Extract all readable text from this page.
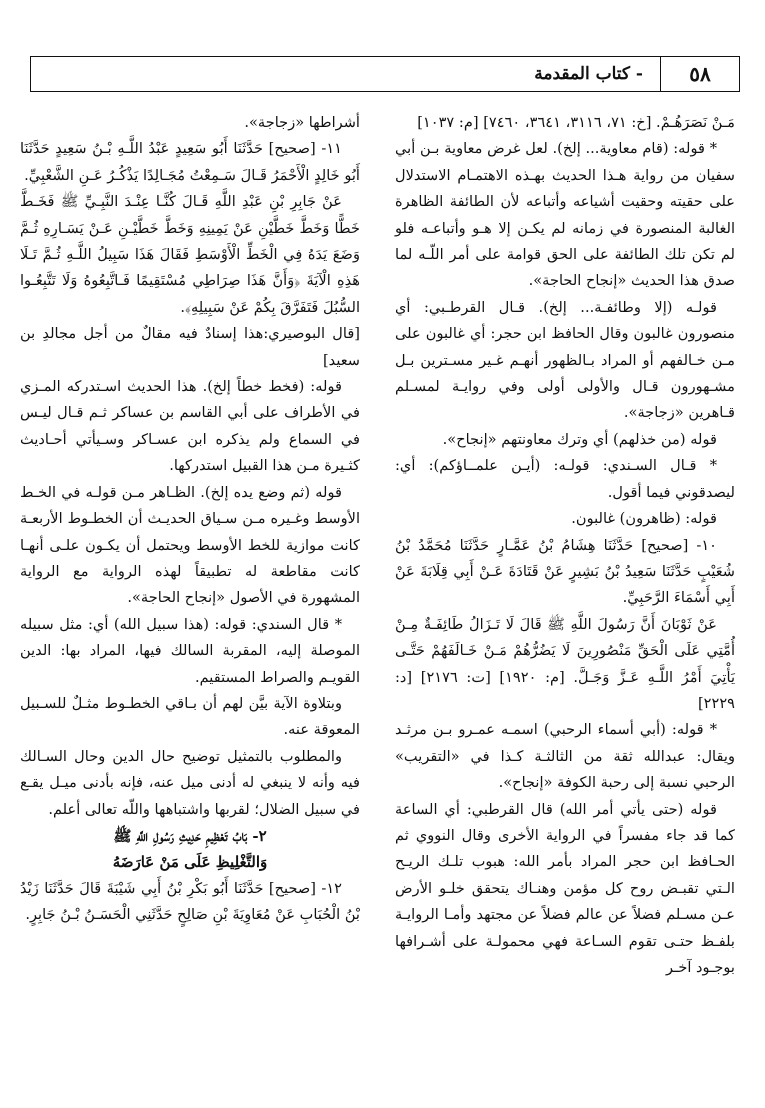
٥٨
- كتاب المقدمة

مَـنْ نَصَرَهُـمْ. [خ: ٧١، ٣١١٦، ٣٦٤١، ٧٤٦٠] [م: ١٠٣٧]

* قوله: (قام معاوية... إلخ). لعل غرض معاوية بـن أبي سفيان من رواية هـذا الحديث بهـذه الاهتمـام الاستدلال على حقيته وحقيت أشياعه وأتباعه لأن الطائفة الظاهرة الغالبة المنصورة في زمانه لم يكـن إلا هـو وأتباعـه فلو لم تكن تلك الطائفة على الحق قوامة على أمر اللّـه لما صدق هذا الحديث «إنجاح الحاجة».

قولـه (إلا وطائفـة... إلخ). قـال القرطـبي: أي منصورون غالبون وقال الحافظ ابن حجر: أي غالبون على مـن خـالفهم أو المراد بـالظهور أنهـم غـير مسـترين بـل مشـهورون قـال والأولى أولى وفي روايـة لمسـلم قـاهرين «زجاجة».

قوله (من خذلهم) أي وترك معاونتهم «إنجاح».

* قـال السـندي: قولـه: (أيـن علمــاؤكم): أي: ليصدقوني فيما أقول.

قوله: (ظاهرون) غالبون.

١٠- [صحيح] حَدَّثَنَا هِشَامُ بْنُ عَمَّـارٍ حَدَّثَنَا مُحَمَّدُ بْنُ شُعَيْبٍ حَدَّثَنَا سَعِيدُ بْنُ بَشِيرٍ عَنْ قَتَادَةَ عَـنْ أَبِي قِلَابَةَ عَنْ أَبِي أَسْمَاءَ الرَّحَبِيِّ.

عَنْ ثَوْبَانَ أَنَّ رَسُولَ اللَّهِ ﷺ قَالَ لَا تَـزَالُ طَائِفَـةٌ مِـنْ أُمَّتِي عَلَى الْحَقِّ مَنْصُورِينَ لَا يَضُرُّهُمْ مَـنْ خَـالَفَهُمْ حَتَّـى يَأْتِيَ أَمْرُ اللَّـهِ عَـزَّ وَجَـلَّ. [م: ١٩٢٠] [ت: ٢١٧٦] [د: ٢٢٢٩]

* قوله: (أبي أسماء الرحبي) اسمـه عمـرو بـن مرثـد ويقال: عبدالله ثقة من الثالثـة كـذا في «التقريب» الرحبي نسبة إلى رحبة الكوفة «إنجاح».

قوله (حتى يأتي أمر الله) قال القرطبي: أي الساعة كما قد جاء مفسراً في الرواية الأخرى وقال النووي ثم الحـافظ ابن حجر المراد بأمر الله: هبوب تلـك الريـح الـتي تقبـض روح كل مؤمن وهنـاك يتحقق خلـو الأرض عـن مسـلم فضلاً عن عالم فضلاً عن مجتهد وأمـا الروايـة بلفـظ حتـى تقوم السـاعة فهي محمولـة على أشـرافها بوجـود آخـر

أشراطها «زجاجة».

١١- [صحيح] حَدَّثَنَا أَبُو سَعِيدٍ عَبْدُ اللَّـهِ بْـنُ سَعِيدٍ حَدَّثَنَا أَبُو خَالِدٍ الْأَحْمَرُ قَـالَ سَـمِعْتُ مُجَـالِدًا يَذْكُـرُ عَـنِ الشَّعْبِيِّ.

عَنْ جَابِرِ بْنِ عَبْدِ اللَّهِ قَـالَ كُنَّـا عِنْـدَ النَّبِـيِّ ﷺ فَخَـطَّ خَطًّا وَخَطَّ خَطَّيْنِ عَنْ يَمِينِهِ وَخَطَّ خَطَّيْـنِ عَـنْ يَسَـارِهِ ثُـمَّ وَضَعَ يَدَهُ فِي الْخَطِّ الْأَوْسَطِ فَقَالَ هَذَا سَبِيلُ اللَّـهِ ثُـمَّ تَـلَا هَذِهِ الْآيَةَ ﴿وَأَنَّ هَذَا صِرَاطِي مُسْتَقِيمًا فَـاتَّبِعُوهُ وَلَا تَتَّبِعُـوا السُّبُلَ فَتَفَرَّقَ بِكُمْ عَنْ سَبِيلِهِ﴾.

[قال البوصيري:هذا إسنادٌ فيه مقالٌ من أجل مجالدِ بن سعيد]

قوله: (فخط خطاً إلخ). هذا الحديث اسـتدركه المـزي في الأطراف على أبي القاسم بن عساكر ثـم قـال ليـس في السماع ولم يذكره ابن عسـاكر وسـيأتي أحـاديث كثـيرة مـن هذا القبيل استدركها.

قوله (ثم وضع يده إلخ). الظـاهر مـن قولـه في الخـط الأوسط وغـيره مـن سـياق الحديـث أن الخطـوط الأربعـة كانت موازية للخط الأوسط ويحتمل أن يكـون علـى أنهـا كانت مقاطعة له تطبيقاً لهذه الرواية مع الرواية المشهورة في الأصول «إنجاح الحاجة».

* قال السندي: قوله: (هذا سبيل الله) أي: مثل سبيله الموصلة إليه، المقربة السالك فيها، المراد بها: الدين القويـم والصراط المستقيم.

وبتلاوة الآية بيَّن لهم أن بـاقي الخطـوط مثـلٌ للسـبيل المعوقة عنه.

والمطلوب بالتمثيل توضيح حال الدين وحال السـالك فيه وأنه لا ينبغي له أدنى ميل عنه، فإنه بأدنى ميـل يقـع في سبيل الضلال؛ لقربها واشتباهها واللّه تعالى أعلم.

٢- بَابُ تَعْظِيمِ حَدِيثِ رَسُولِ اللَّهِ ﷺ

وَالتَّغْلِيظِ عَلَى مَنْ عَارَضَهُ

١٢- [صحيح] حَدَّثَنَا أَبُو بَكْرِ بْنُ أَبِي شَيْبَةَ قَالَ حَدَّثَنَا زَيْدُ بْنُ الْحُبَابِ عَنْ مُعَاوِيَةَ بْنِ صَالِحٍ حَدَّثَنِي الْحَسَـنُ بْـنُ جَابِرٍ.
